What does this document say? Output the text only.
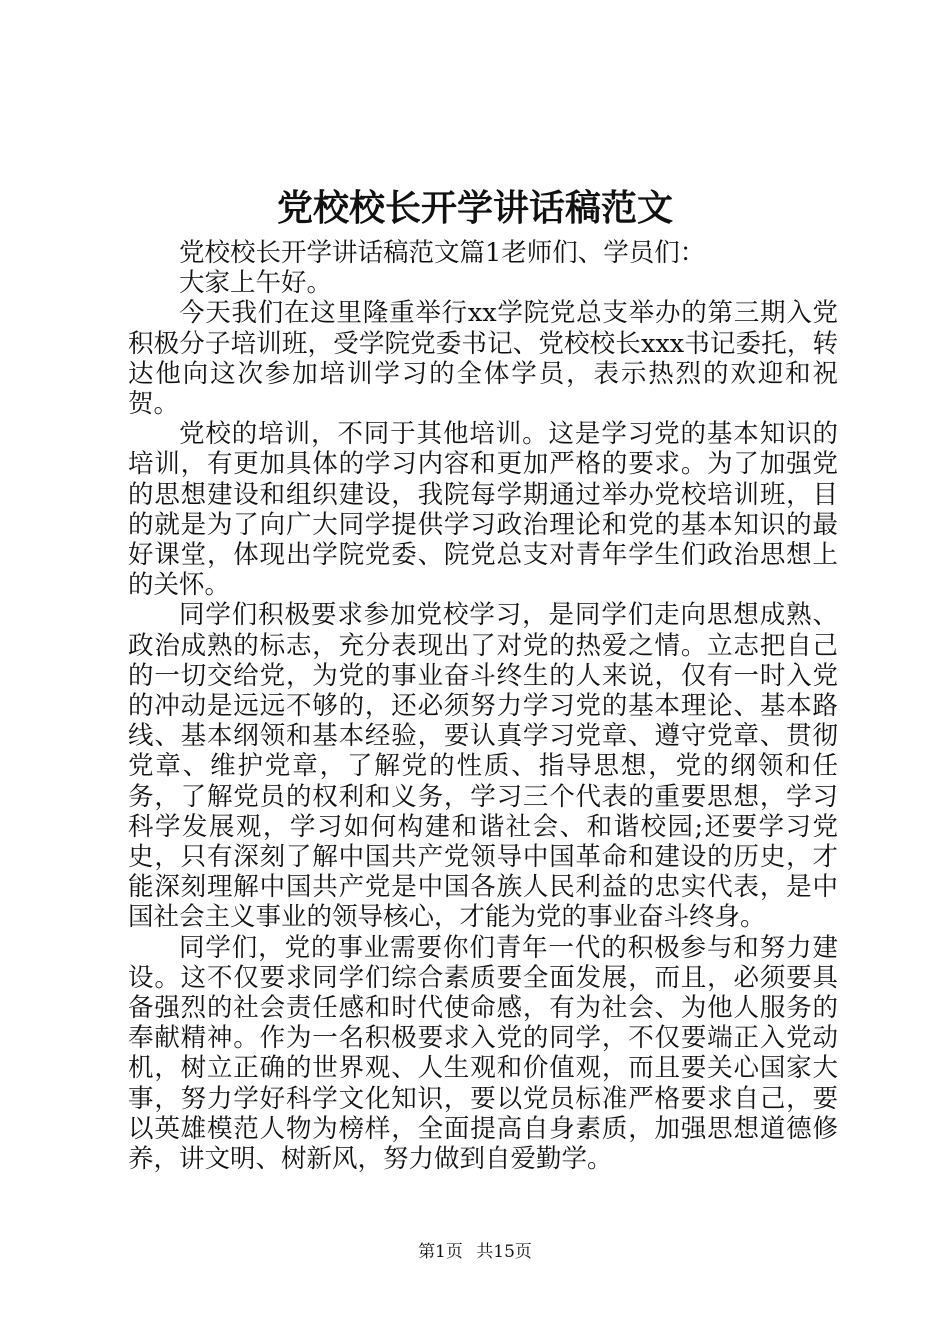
党校校长开学讲话稿范文

党校校长开学讲话稿范文篇1老师们、学员们：

大家上午好。

今天我们在这里隆重举行xx学院党总支举办的第三期入党积极分子培训班，受学院党委书记、党校校长xxx书记委托，转达他向这次参加培训学习的全体学员，表示热烈的欢迎和祝贺。

党校的培训，不同于其他培训。这是学习党的基本知识的培训，有更加具体的学习内容和更加严格的要求。为了加强党的思想建设和组织建设，我院每学期通过举办党校培训班，目的就是为了向广大同学提供学习政治理论和党的基本知识的最好课堂，体现出学院党委、院党总支对青年学生们政治思想上的关怀。

同学们积极要求参加党校学习，是同学们走向思想成熟、政治成熟的标志，充分表现出了对党的热爱之情。立志把自己的一切交给党，为党的事业奋斗终生的人来说，仅有一时入党的冲动是远远不够的，还必须努力学习党的基本理论、基本路线、基本纲领和基本经验，要认真学习党章、遵守党章、贯彻党章、维护党章，了解党的性质、指导思想，党的纲领和任务，了解党员的权利和义务，学习三个代表的重要思想，学习科学发展观，学习如何构建和谐社会、和谐校园;还要学习党史，只有深刻了解中国共产党领导中国革命和建设的历史，才能深刻理解中国共产党是中国各族人民利益的忠实代表，是中国社会主义事业的领导核心，才能为党的事业奋斗终身。

同学们，党的事业需要你们青年一代的积极参与和努力建设。这不仅要求同学们综合素质要全面发展，而且，必须要具备强烈的社会责任感和时代使命感，有为社会、为他人服务的奉献精神。作为一名积极要求入党的同学，不仅要端正入党动机，树立正确的世界观、人生观和价值观，而且要关心国家大事，努力学好科学文化知识，要以党员标准严格要求自己，要以英雄模范人物为榜样，全面提高自身素质，加强思想道德修养，讲文明、树新风，努力做到自爱勤学。

第1页 共15页
